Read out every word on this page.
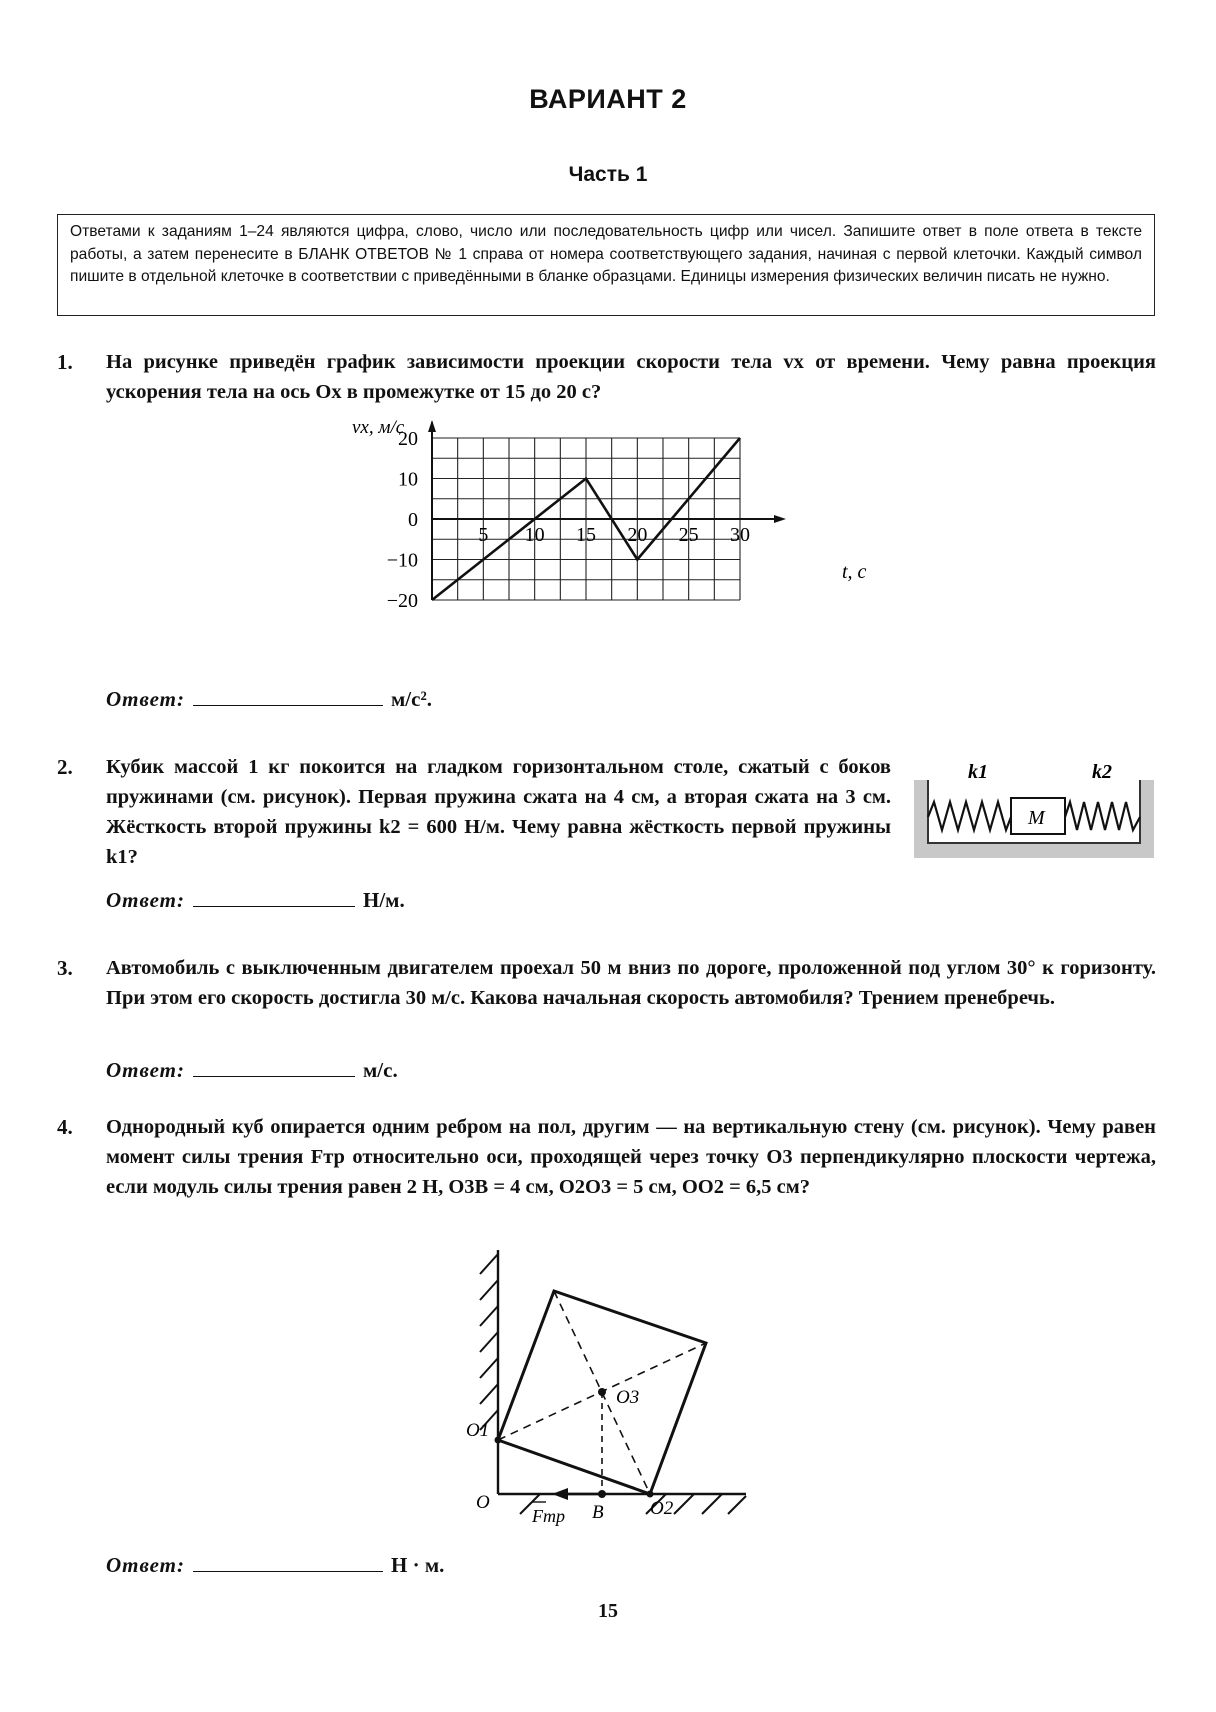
ВАРИАНТ 2
Часть 1
Ответами к заданиям 1–24 являются цифра, слово, число или последовательность цифр или чисел. Запишите ответ в поле ответа в тексте работы, а затем перенесите в БЛАНК ОТВЕТОВ № 1 справа от номера соответствующего задания, начиная с первой клеточки. Каждый символ пишите в отдельной клеточке в соответствии с приведёнными в бланке образцами. Единицы измерения физических величин писать не нужно.
1. На рисунке приведён график зависимости проекции скорости тела vx от времени. Чему равна проекция ускорения тела на ось Ox в промежутке от 15 до 20 с?
5 10 15 20 25 30
20
10
0
−10
−20
vx, м/с
t, с
Ответ:	м/с².
2. Кубик массой 1 кг покоится на гладком горизонтальном столе, сжатый с боков пружинами (см. рисунок). Первая пружина сжата на 4 см, а вторая сжата на 3 см. Жёсткость второй пружины k2 = 600 Н/м. Чему равна жёсткость первой пружины k1?
M
k1	k2
Ответ:	Н/м.
3. Автомобиль с выключенным двигателем проехал 50 м вниз по дороге, проложенной под углом 30° к горизонту. При этом его скорость достигла 30 м/с. Какова начальная скорость автомобиля? Трением пренебречь.
Ответ:	м/с.
4. Однородный куб опирается одним ребром на пол, другим — на вертикальную стену (см. рисунок). Чему равен момент силы трения Fтр относительно оси, проходящей через точку O3 перпендикулярно плоскости чертежа, если модуль силы трения равен 2 Н, O3B = 4 см, O2O3 = 5 см, OO2 = 6,5 см?
O3
O1
O	B O2
Fтр
Ответ:	Н · м.
15
